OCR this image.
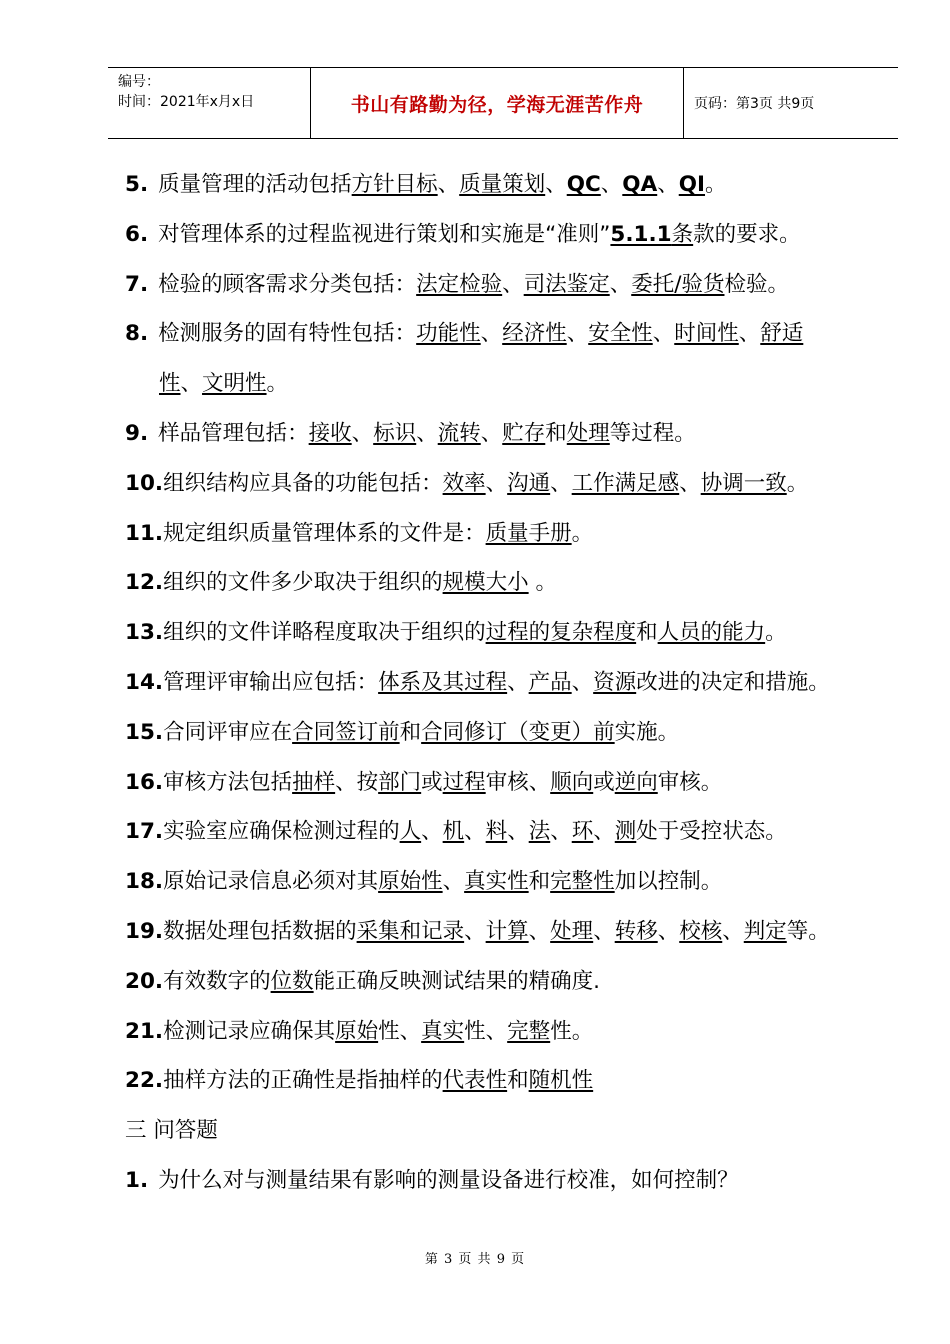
编号：
时间：2021年x月x日	书山有路勤为径，学海无涯苦作舟	页码：第3页 共9页
5. 质量管理的活动包括方针目标、质量策划、QC、QA、QI。
6. 对管理体系的过程监视进行策划和实施是“准则”5.1.1条款的要求。
7. 检验的顾客需求分类包括：法定检验、司法鉴定、委托/验货检验。
8. 检测服务的固有特性包括：功能性、经济性、安全性、时间性、舒适
性、文明性。
9. 样品管理包括：接收、标识、流转、贮存和处理等过程。
10.组织结构应具备的功能包括：效率、沟通、工作满足感、协调一致。
11.规定组织质量管理体系的文件是：质量手册。
12.组织的文件多少取决于组织的规模大小 。
13.组织的文件详略程度取决于组织的过程的复杂程度和人员的能力。
14.管理评审输出应包括：体系及其过程、产品、资源改进的决定和措施。
15.合同评审应在合同签订前和合同修订（变更）前实施。
16.审核方法包括抽样、按部门或过程审核、顺向或逆向审核。
17.实验室应确保检测过程的人、机、料、法、环、测处于受控状态。
18.原始记录信息必须对其原始性、真实性和完整性加以控制。
19.数据处理包括数据的采集和记录、计算、处理、转移、校核、判定等。
20.有效数字的位数能正确反映测试结果的精确度.
21.检测记录应确保其原始性、真实性、完整性。
22.抽样方法的正确性是指抽样的代表性和随机性
三 问答题
1. 为什么对与测量结果有影响的测量设备进行校准，如何控制？
第 3 页 共 9 页
